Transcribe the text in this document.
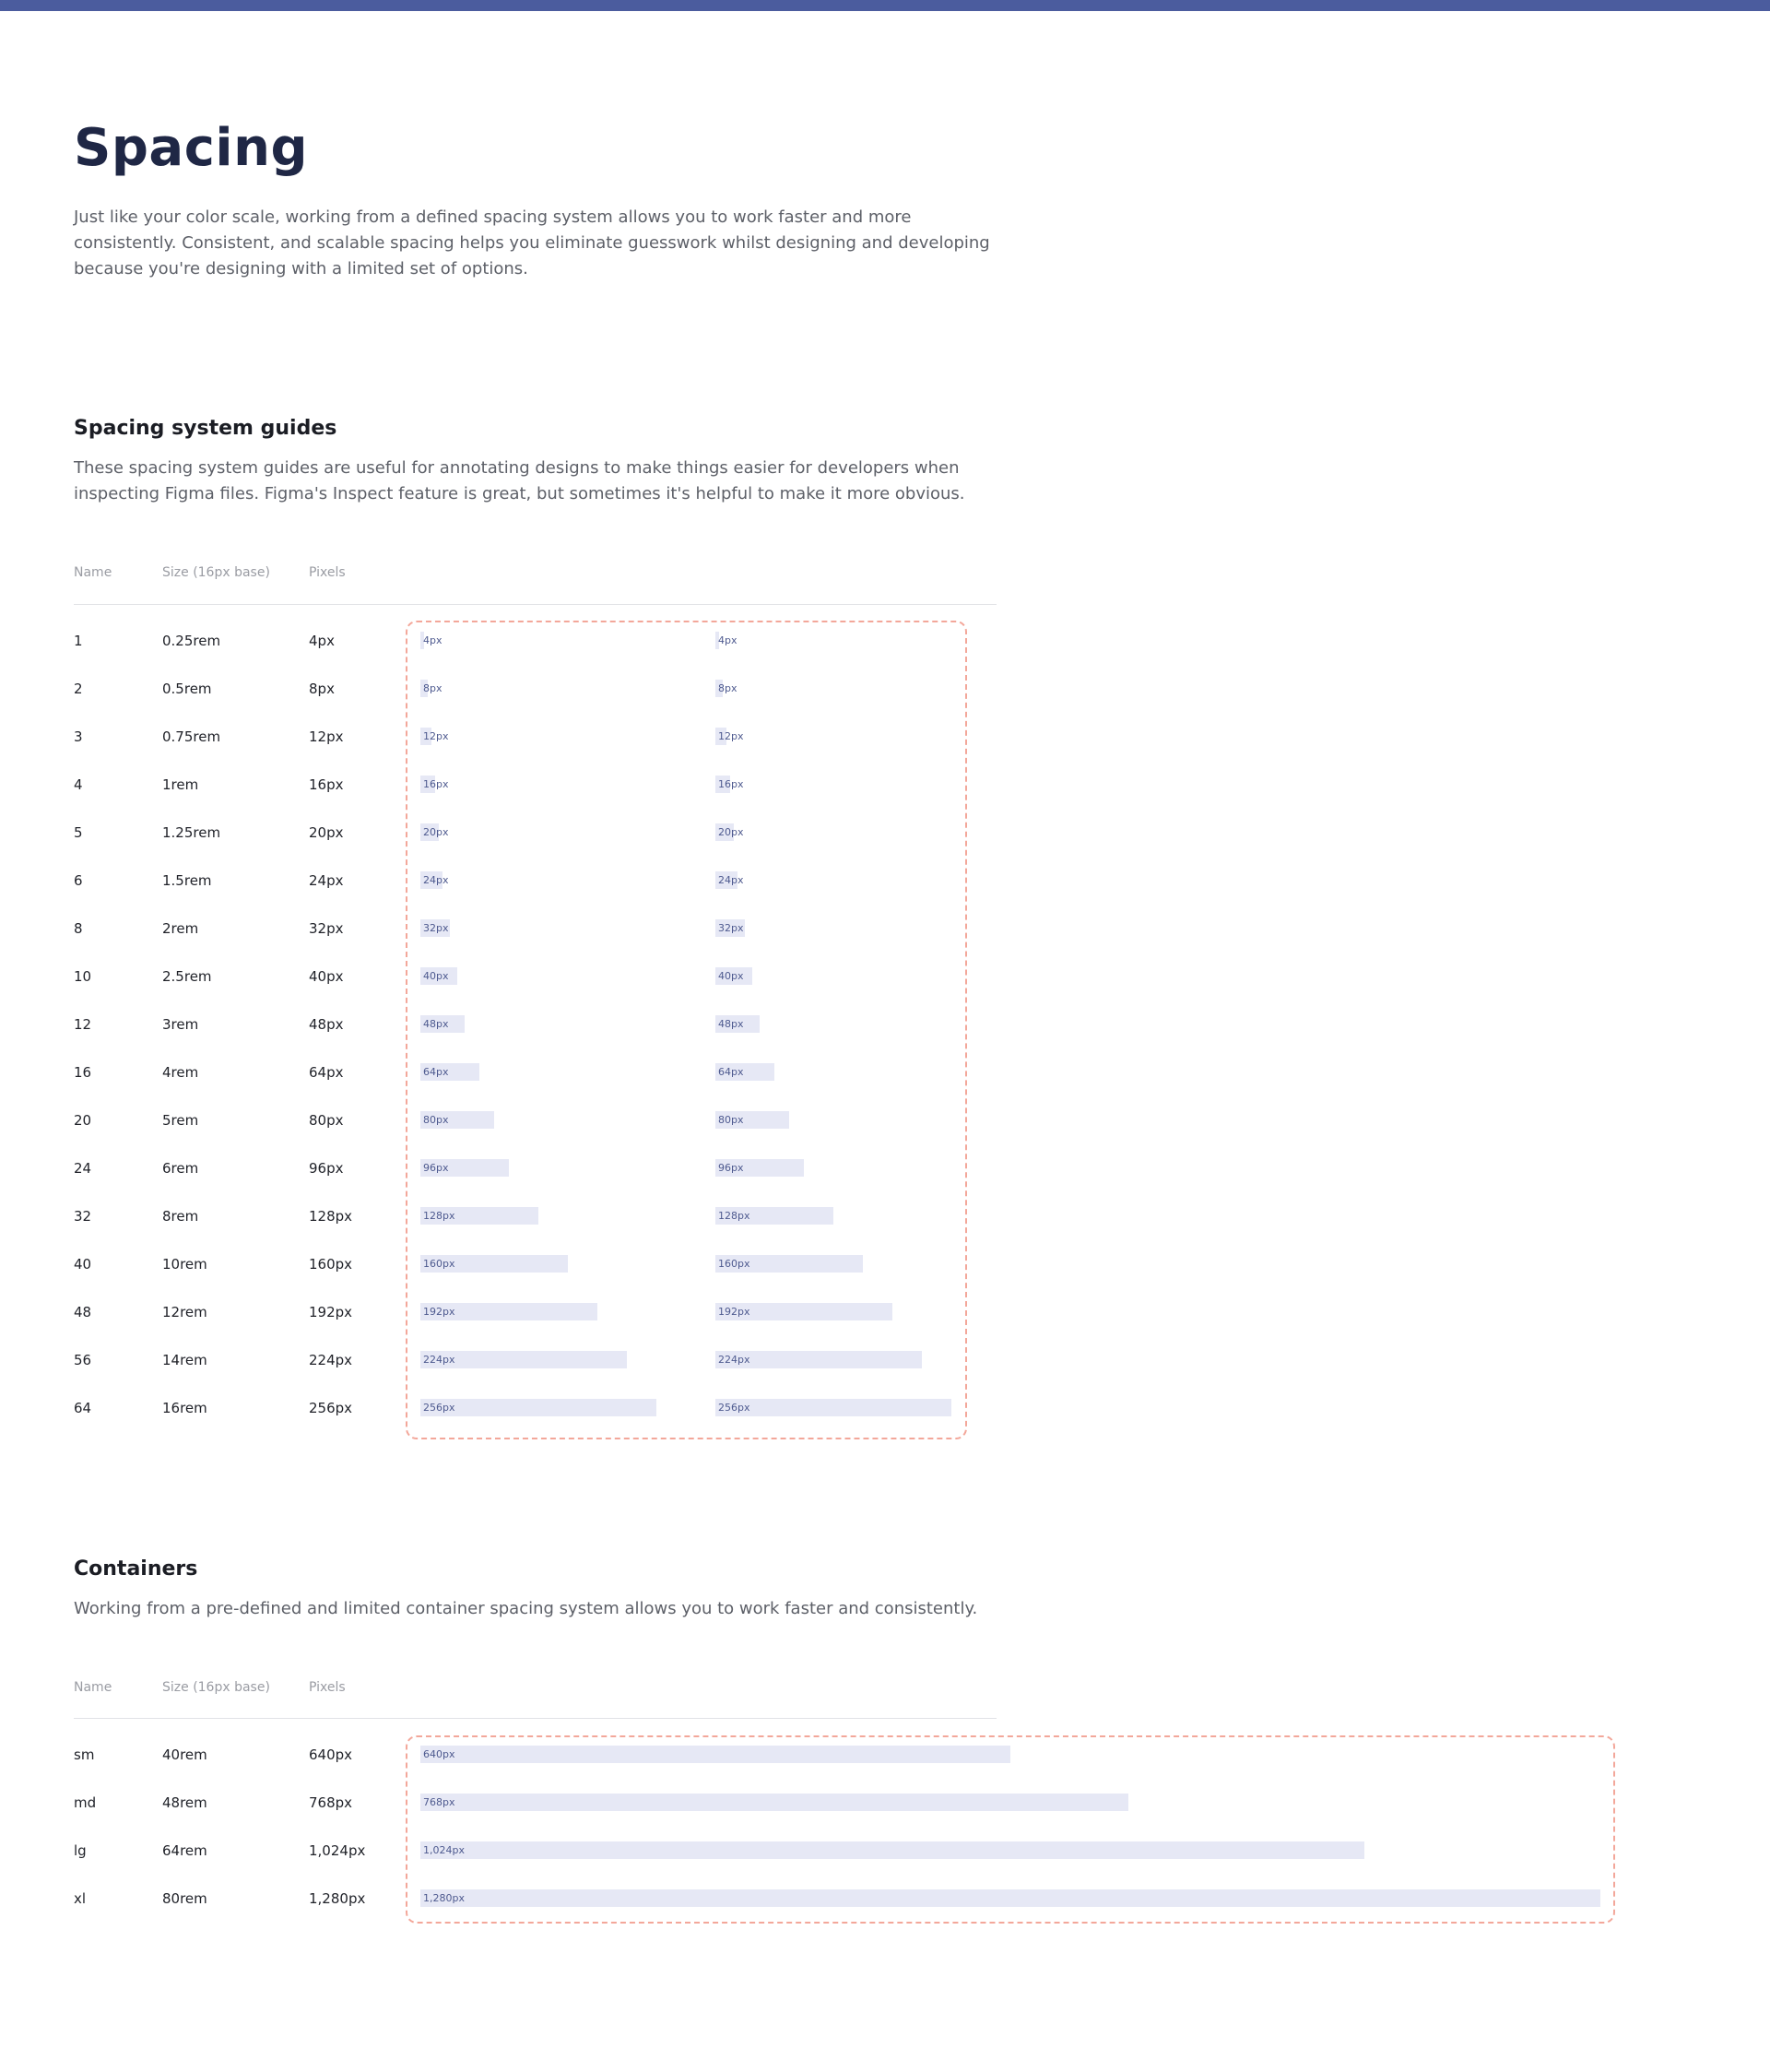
Spacing

Just like your color scale, working from a defined spacing system allows you to work faster and more consistently. Consistent, and scalable spacing helps you eliminate guesswork whilst designing and developing because you're designing with a limited set of options.

Spacing system guides

These spacing system guides are useful for annotating designs to make things easier for developers when inspecting Figma files. Figma's Inspect feature is great, but sometimes it's helpful to make it more obvious.

Name	Size (16px base)	Pixels
1	0.25rem	4px	4px	4px
2	0.5rem	8px	8px	8px
3	0.75rem	12px	12px	12px
4	1rem	16px	16px	16px
5	1.25rem	20px	20px	20px
6	1.5rem	24px	24px	24px
8	2rem	32px	32px	32px
10	2.5rem	40px	40px	40px
12	3rem	48px	48px	48px
16	4rem	64px	64px	64px
20	5rem	80px	80px	80px
24	6rem	96px	96px	96px
32	8rem	128px	128px	128px
40	10rem	160px	160px	160px
48	12rem	192px	192px	192px
56	14rem	224px	224px	224px
64	16rem	256px	256px	256px
Containers

Working from a pre-defined and limited container spacing system allows you to work faster and consistently.

Name	Size (16px base)	Pixels
sm	40rem	640px	640px
md	48rem	768px	768px
lg	64rem	1,024px	1,024px
xl	80rem	1,280px	1,280px
